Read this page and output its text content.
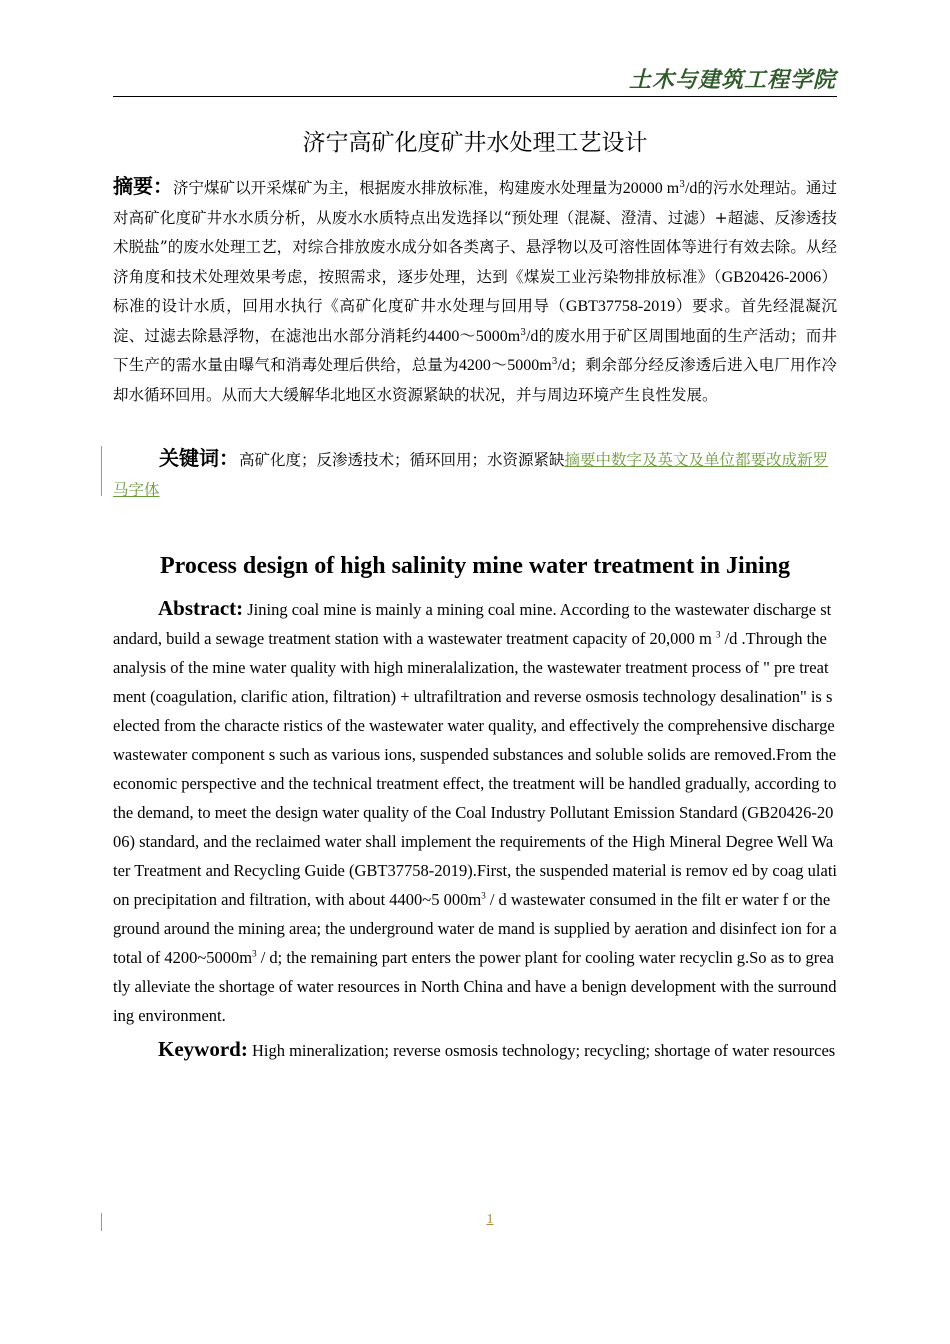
土木与建筑工程学院
济宁高矿化度矿井水处理工艺设计
摘要：济宁煤矿以开采煤矿为主，根据废水排放标准，构建废水处理量为20000 $m^3/d$的污水处理站。通过对高矿化度矿井水水质分析，从废水水质特点出发选择以“预处理（混凝、澄清、过滤）+超滤、反渗透技术脱盐”的废水处理工艺，对综合排放废水成分如各类离子、悬浮物以及可溶性固体等进行有效去除。从经济角度和技术处理效果考虑，按照需求，逐步处理，达到《煤炭工业污染物排放标准》（GB20426-2006）标准的设计水质，回用水执行《高矿化度矿井水处理与回用导（GBT37758-2019）要求。首先经混凝沉淀、过滤去除悬浮物，在滤池出水部分消耗约$4400\sim 5000m^3/d$的废水用于矿区周围地面的生产活动；而井下生产的需水量由曝气和消毒处理后供给，总量为$4200\sim 5000m^3/d$；剩余部分经反渗透后进入电厂用作冷却水循环回用。从而大大缓解华北地区水资源紧缺的状况，并与周边环境产生良性发展。
关键词：高矿化度；反渗透技术；循环回用；水资源紧缺摘要中数字及英文及单位都要改成新罗马字体
Process design of high salinity mine water treatment in Jining
Abstract: Jining coal mine is mainly a mining coal mine. According to the wastewater discharge standard, build a sewage treatment station with a wastewater treatment capacity of 20,000 m $^3$ /d .Through the analysis of the mine water quality with high mineralalization, the wastewater treatment process of " pre treatment (coagulation, clarific ation, filtration) + ultrafiltration and reverse osmosis technology desalination" is selected from the characte ristics of the wastewater water quality, and effectively the comprehensive discharge wastewater component s such as various ions, suspended substances and soluble solids are removed.From the economic perspective and the technical treatment effect, the treatment will be handled gradually, according to the demand, to meet the design water quality of the Coal Industry Pollutant Emission Standard (GB20426-2006) standard, and the reclaimed water shall implement the requirements of the High Mineral Degree Well Water Treatment and Recycling Guide (GBT37758-2019).First, the suspended material is remov ed by coag ulation precipitation and filtration, with about 4400~5 $000m^3$ / d wastewater consumed in the filt er water f or the ground around the mining area; the underground water de mand is supplied by aeration and disinfect ion for a total of $4200\sim 5000m^3$ / d; the remaining part enters the power plant for cooling water recyclin g.So as to greatly alleviate the shortage of water resources in North China and have a benign development with the surrounding environment.
Keyword: High mineralization; reverse osmosis technology; recycling; shortage of water resources
1
